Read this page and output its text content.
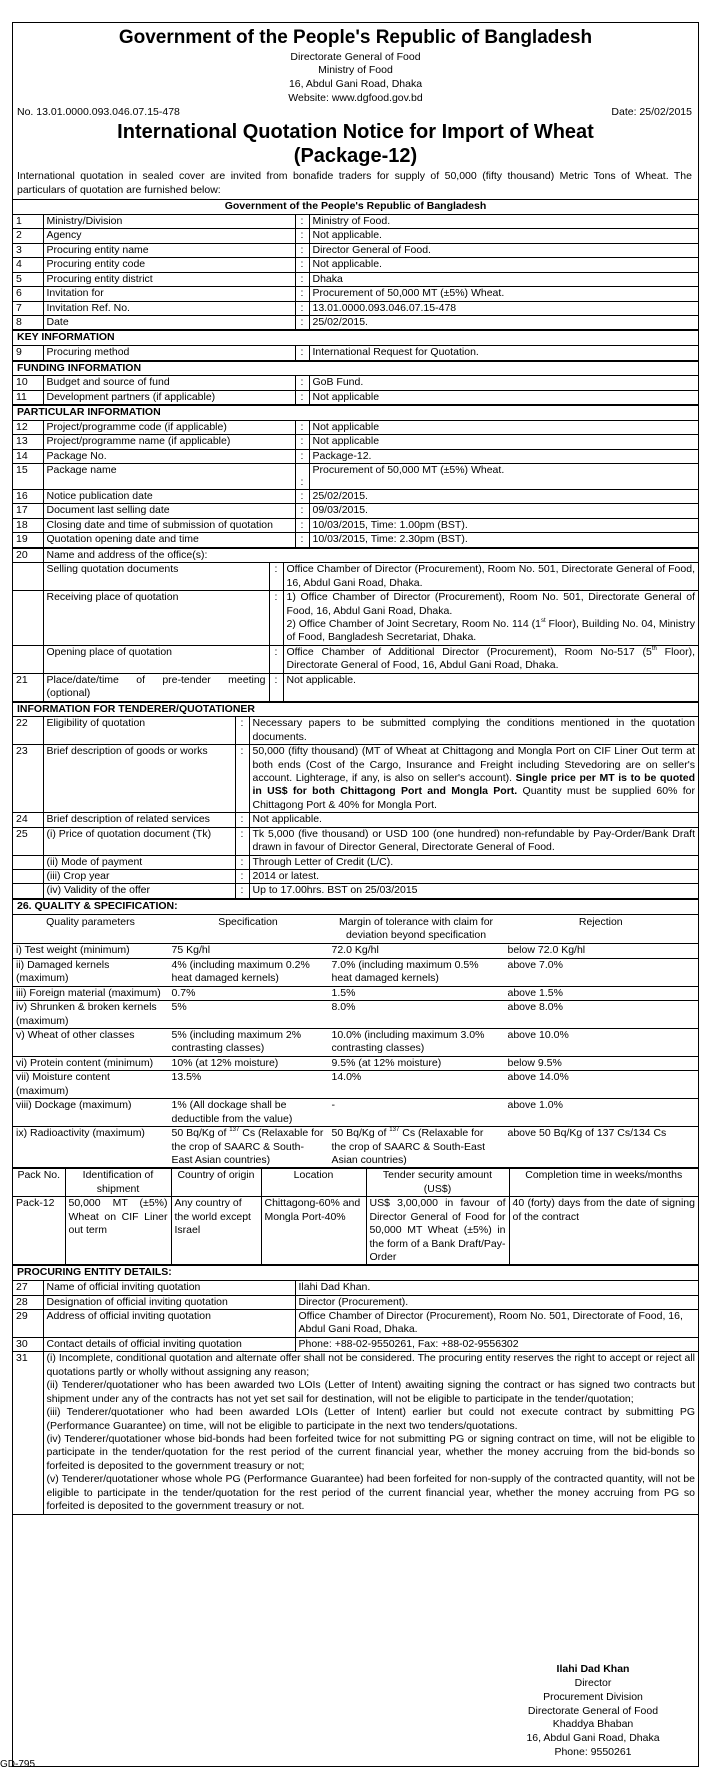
Government of the People's Republic of Bangladesh
Directorate General of Food
Ministry of Food
16, Abdul Gani Road, Dhaka
Website: www.dgfood.gov.bd
No. 13.01.0000.093.046.07.15-478	Date: 25/02/2015
International Quotation Notice for Import of Wheat
(Package-12)
International quotation in sealed cover are invited from bonafide traders for supply of 50,000 (fifty thousand) Metric Tons of Wheat. The particulars of quotation are furnished below:
Government of the People's Republic of Bangladesh
1	Ministry/Division	:	Ministry of Food.
2	Agency	:	Not applicable.
3	Procuring entity name	:	Director General of Food.
4	Procuring entity code	:	Not applicable.
5	Procuring entity district	:	Dhaka
6	Invitation for	:	Procurement of 50,000 MT (±5%) Wheat.
7	Invitation Ref. No.	:	13.01.0000.093.046.07.15-478
8	Date	:	25/02/2015.
KEY INFORMATION
9	Procuring method	:	International Request for Quotation.
FUNDING INFORMATION
10	Budget and source of fund	:	GoB Fund.
11	Development partners (if applicable)	:	Not applicable
PARTICULAR INFORMATION
12	Project/programme code (if applicable)	:	Not applicable
13	Project/programme name (if applicable)	:	Not applicable
14	Package No.	:	Package-12.
15	Package name	:	Procurement of 50,000 MT (±5%) Wheat.
16	Notice publication date	:	25/02/2015.
17	Document last selling date	:	09/03/2015.
18	Closing date and time of submission of quotation	:	10/03/2015, Time: 1.00pm (BST).
19	Quotation opening date and time	:	10/03/2015, Time: 2.30pm (BST).
20	Name and address of the office(s):		
	Selling quotation documents	:	Office Chamber of Director (Procurement), Room No. 501, Directorate General of Food, 16, Abdul Gani Road, Dhaka.
	Receiving place of quotation	:	1) Office Chamber of Director (Procurement), Room No. 501, Directorate General of Food, 16, Abdul Gani Road, Dhaka.
2) Office Chamber of Joint Secretary, Room No. 114 (1st Floor), Building No. 04, Ministry of Food, Bangladesh Secretariat, Dhaka.

	Opening place of quotation	:	Office Chamber of Additional Director (Procurement), Room No-517 (5th Floor), Directorate General of Food, 16, Abdul Gani Road, Dhaka.
21	Place/date/time of pre-tender meeting (optional)	:	Not applicable.
INFORMATION FOR TENDERER/QUOTATIONER
22	Eligibility of quotation	:	Necessary papers to be submitted complying the conditions mentioned in the quotation documents.
23	Brief description of goods or works	:	50,000 (fifty thousand) (MT of Wheat at Chittagong and Mongla Port on CIF Liner Out term at both ends (Cost of the Cargo, Insurance and Freight including Stevedoring are on seller's account. Lighterage, if any, is also on seller's account). Single price per MT is to be quoted in US$ for both Chittagong Port and Mongla Port. Quantity must be supplied 60% for Chittagong Port & 40% for Mongla Port.
24	Brief description of related services	:	Not applicable.
25	(i) Price of quotation document (Tk)	:	Tk 5,000 (five thousand) or USD 100 (one hundred) non-refundable by Pay-Order/Bank Draft drawn in favour of Director General, Directorate General of Food.
	(ii) Mode of payment	:	Through Letter of Credit (L/C).
	(iii) Crop year	:	2014 or latest.
	(iv) Validity of the offer	:	Up to 17.00hrs. BST on 25/03/2015
26. QUALITY & SPECIFICATION:
Quality parameters	Specification	Margin of tolerance with claim for deviation beyond specification	Rejection
i) Test weight (minimum)	75 Kg/hl	72.0 Kg/hl	below 72.0 Kg/hl
ii) Damaged kernels (maximum)	4% (including maximum 0.2% heat damaged kernels)	7.0% (including maximum 0.5% heat damaged kernels)	above 7.0%
iii) Foreign material (maximum)	0.7%	1.5%	above 1.5%
iv) Shrunken & broken kernels (maximum)	5%	8.0%	above 8.0%
v) Wheat of other classes	5% (including maximum 2% contrasting classes)	10.0% (including maximum 3.0% contrasting classes)	above 10.0%
vi) Protein content (minimum)	10% (at 12% moisture)	9.5% (at 12% moisture)	below 9.5%
vii) Moisture content (maximum)	13.5%	14.0%	above 14.0%
viii) Dockage (maximum)	1% (All dockage shall be deductible from the value)	-	above 1.0%
ix) Radioactivity (maximum)	50 Bq/Kg of $^{137}$ Cs (Relaxable for the crop of SAARC & South-East Asian countries)	50 Bq/Kg of $^{137}$ Cs (Relaxable for the crop of SAARC & South-East Asian countries)	above 50 Bq/Kg of 137 Cs/134 Cs
Pack No.	Identification of shipment	Country of origin	Location	Tender security amount (US$)	Completion time in weeks/months
Pack-12	50,000 MT (±5%) Wheat on CIF Liner out term	Any country of the world except Israel	Chittagong-60% and Mongla Port-40%	US$ 3,00,000 in favour of Director General of Food for 50,000 MT Wheat (±5%) in the form of a Bank Draft/Pay-Order	40 (forty) days from the date of signing of the contract
PROCURING ENTITY DETAILS:
27	Name of official inviting quotation	Ilahi Dad Khan.
28	Designation of official inviting quotation	Director (Procurement).
29	Address of official inviting quotation	Office Chamber of Director (Procurement), Room No. 501, Directorate of Food, 16, Abdul Gani Road, Dhaka.
30	Contact details of official inviting quotation	Phone: +88-02-9550261, Fax: +88-02-9556302
31	(i) Incomplete, conditional quotation and alternate offer shall not be considered. The procuring entity reserves the right to accept or reject all quotations partly or wholly without assigning any reason;
(ii) Tenderer/quotationer who has been awarded two LOIs (Letter of Intent) awaiting signing the contract or has signed two contracts but shipment under any of the contracts has not yet set sail for destination, will not be eligible to participate in the tender/quotation;
(iii) Tenderer/quotationer who had been awarded LOIs (Letter of Intent) earlier but could not execute contract by submitting PG (Performance Guarantee) on time, will not be eligible to participate in the next two tenders/quotations.
(iv) Tenderer/quotationer whose bid-bonds had been forfeited twice for not submitting PG or signing contract on time, will not be eligible to participate in the tender/quotation for the rest period of the current financial year, whether the money accruing from the bid-bonds so forfeited is deposited to the government treasury or not;
(v) Tenderer/quotationer whose whole PG (Performance Guarantee) had been forfeited for non-supply of the contracted quantity, will not be eligible to participate in the tender/quotation for the rest period of the current financial year, whether the money accruing from PG so forfeited is deposited to the government treasury or not.	
Ilahi Dad Khan
Director
Procurement Division
Directorate General of Food
Khaddya Bhaban
16, Abdul Gani Road, Dhaka
Phone: 9550261
GD-795
